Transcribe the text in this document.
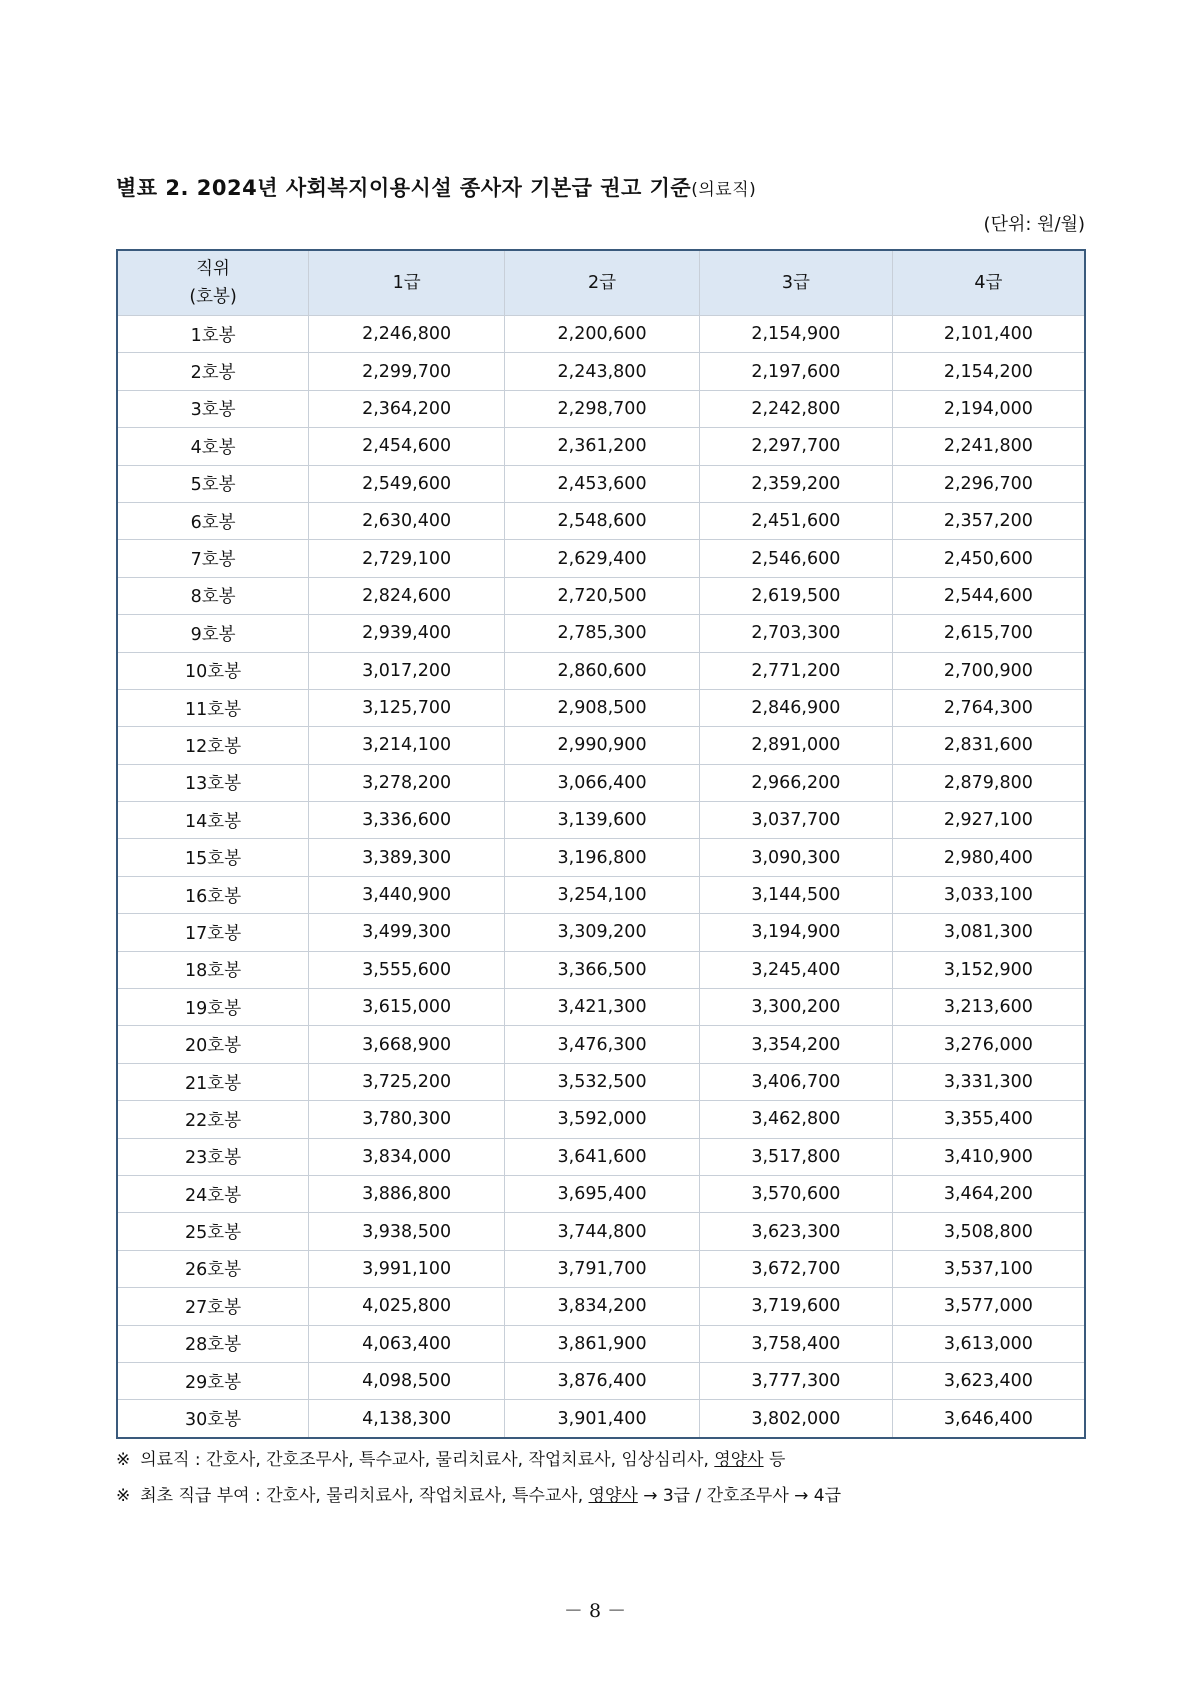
별표 2. 2024년 사회복지이용시설 종사자 기본급 권고 기준(의료직)
(단위: 원/월)
직위
(호봉)	1급	2급	3급	4급
1호봉	2,246,800	2,200,600	2,154,900	2,101,400
2호봉	2,299,700	2,243,800	2,197,600	2,154,200
3호봉	2,364,200	2,298,700	2,242,800	2,194,000
4호봉	2,454,600	2,361,200	2,297,700	2,241,800
5호봉	2,549,600	2,453,600	2,359,200	2,296,700
6호봉	2,630,400	2,548,600	2,451,600	2,357,200
7호봉	2,729,100	2,629,400	2,546,600	2,450,600
8호봉	2,824,600	2,720,500	2,619,500	2,544,600
9호봉	2,939,400	2,785,300	2,703,300	2,615,700
10호봉	3,017,200	2,860,600	2,771,200	2,700,900
11호봉	3,125,700	2,908,500	2,846,900	2,764,300
12호봉	3,214,100	2,990,900	2,891,000	2,831,600
13호봉	3,278,200	3,066,400	2,966,200	2,879,800
14호봉	3,336,600	3,139,600	3,037,700	2,927,100
15호봉	3,389,300	3,196,800	3,090,300	2,980,400
16호봉	3,440,900	3,254,100	3,144,500	3,033,100
17호봉	3,499,300	3,309,200	3,194,900	3,081,300
18호봉	3,555,600	3,366,500	3,245,400	3,152,900
19호봉	3,615,000	3,421,300	3,300,200	3,213,600
20호봉	3,668,900	3,476,300	3,354,200	3,276,000
21호봉	3,725,200	3,532,500	3,406,700	3,331,300
22호봉	3,780,300	3,592,000	3,462,800	3,355,400
23호봉	3,834,000	3,641,600	3,517,800	3,410,900
24호봉	3,886,800	3,695,400	3,570,600	3,464,200
25호봉	3,938,500	3,744,800	3,623,300	3,508,800
26호봉	3,991,100	3,791,700	3,672,700	3,537,100
27호봉	4,025,800	3,834,200	3,719,600	3,577,000
28호봉	4,063,400	3,861,900	3,758,400	3,613,000
29호봉	4,098,500	3,876,400	3,777,300	3,623,400
30호봉	4,138,300	3,901,400	3,802,000	3,646,400
※ 의료직 : 간호사, 간호조무사, 특수교사, 물리치료사, 작업치료사, 임상심리사, 영양사 등
※ 최초 직급 부여 : 간호사, 물리치료사, 작업치료사, 특수교사, 영양사 → 3급 / 간호조무사 → 4급
－ 8 －
